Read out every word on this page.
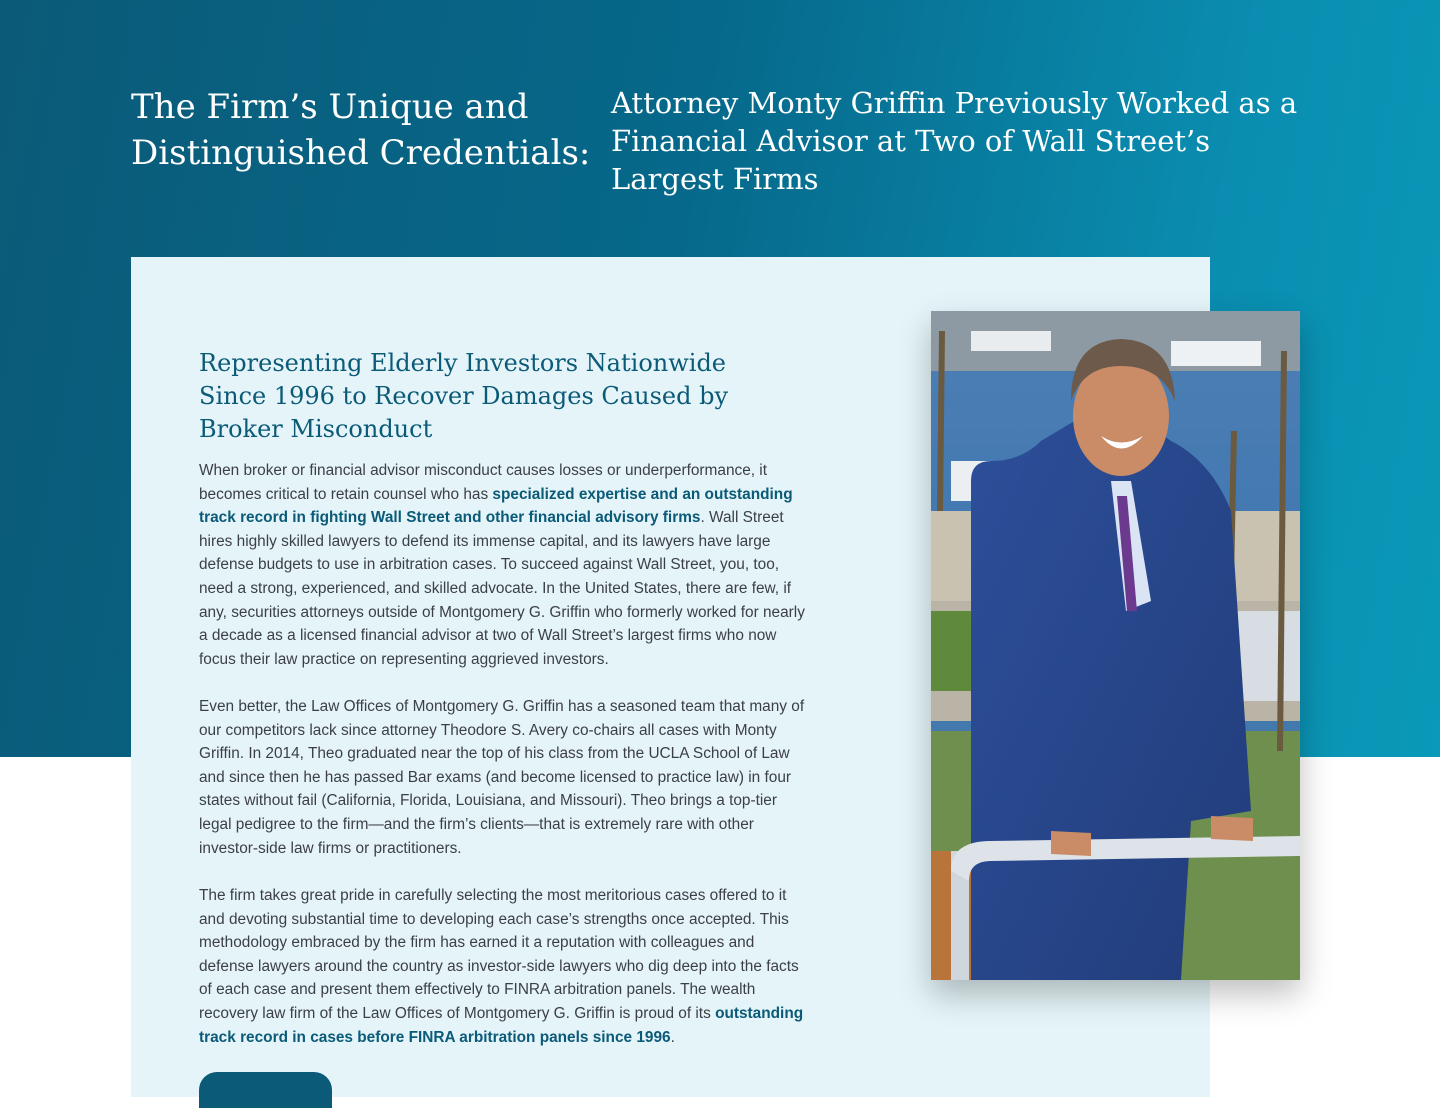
The Firm’s Unique and Distinguished Credentials:
Attorney Monty Griffin Previously Worked as a Financial Advisor at Two of Wall Street’s Largest Firms
Representing Elderly Investors Nationwide Since 1996 to Recover Damages Caused by Broker Misconduct

When broker or financial advisor misconduct causes losses or underperformance, it becomes critical to retain counsel who has specialized expertise and an outstanding track record in fighting Wall Street and other financial advisory firms. Wall Street hires highly skilled lawyers to defend its immense capital, and its lawyers have large defense budgets to use in arbitration cases. To succeed against Wall Street, you, too, need a strong, experienced, and skilled advocate. In the United States, there are few, if any, securities attorneys outside of Montgomery G. Griffin who formerly worked for nearly a decade as a licensed financial advisor at two of Wall Street’s largest firms who now focus their law practice on representing aggrieved investors.

Even better, the Law Offices of Montgomery G. Griffin has a seasoned team that many of our competitors lack since attorney Theodore S. Avery co-chairs all cases with Monty Griffin. In 2014, Theo graduated near the top of his class from the UCLA School of Law and since then he has passed Bar exams (and become licensed to practice law) in four states without fail (California, Florida, Louisiana, and Missouri). Theo brings a top-tier legal pedigree to the firm—and the firm’s clients—that is extremely rare with other investor-side law firms or practitioners.

The firm takes great pride in carefully selecting the most meritorious cases offered to it and devoting substantial time to developing each case’s strengths once accepted. This methodology embraced by the firm has earned it a reputation with colleagues and defense lawyers around the country as investor-side lawyers who dig deep into the facts of each case and present them effectively to FINRA arbitration panels. The wealth recovery law firm of the Law Offices of Montgomery G. Griffin is proud of its outstanding track record in cases before FINRA arbitration panels since 1996.
